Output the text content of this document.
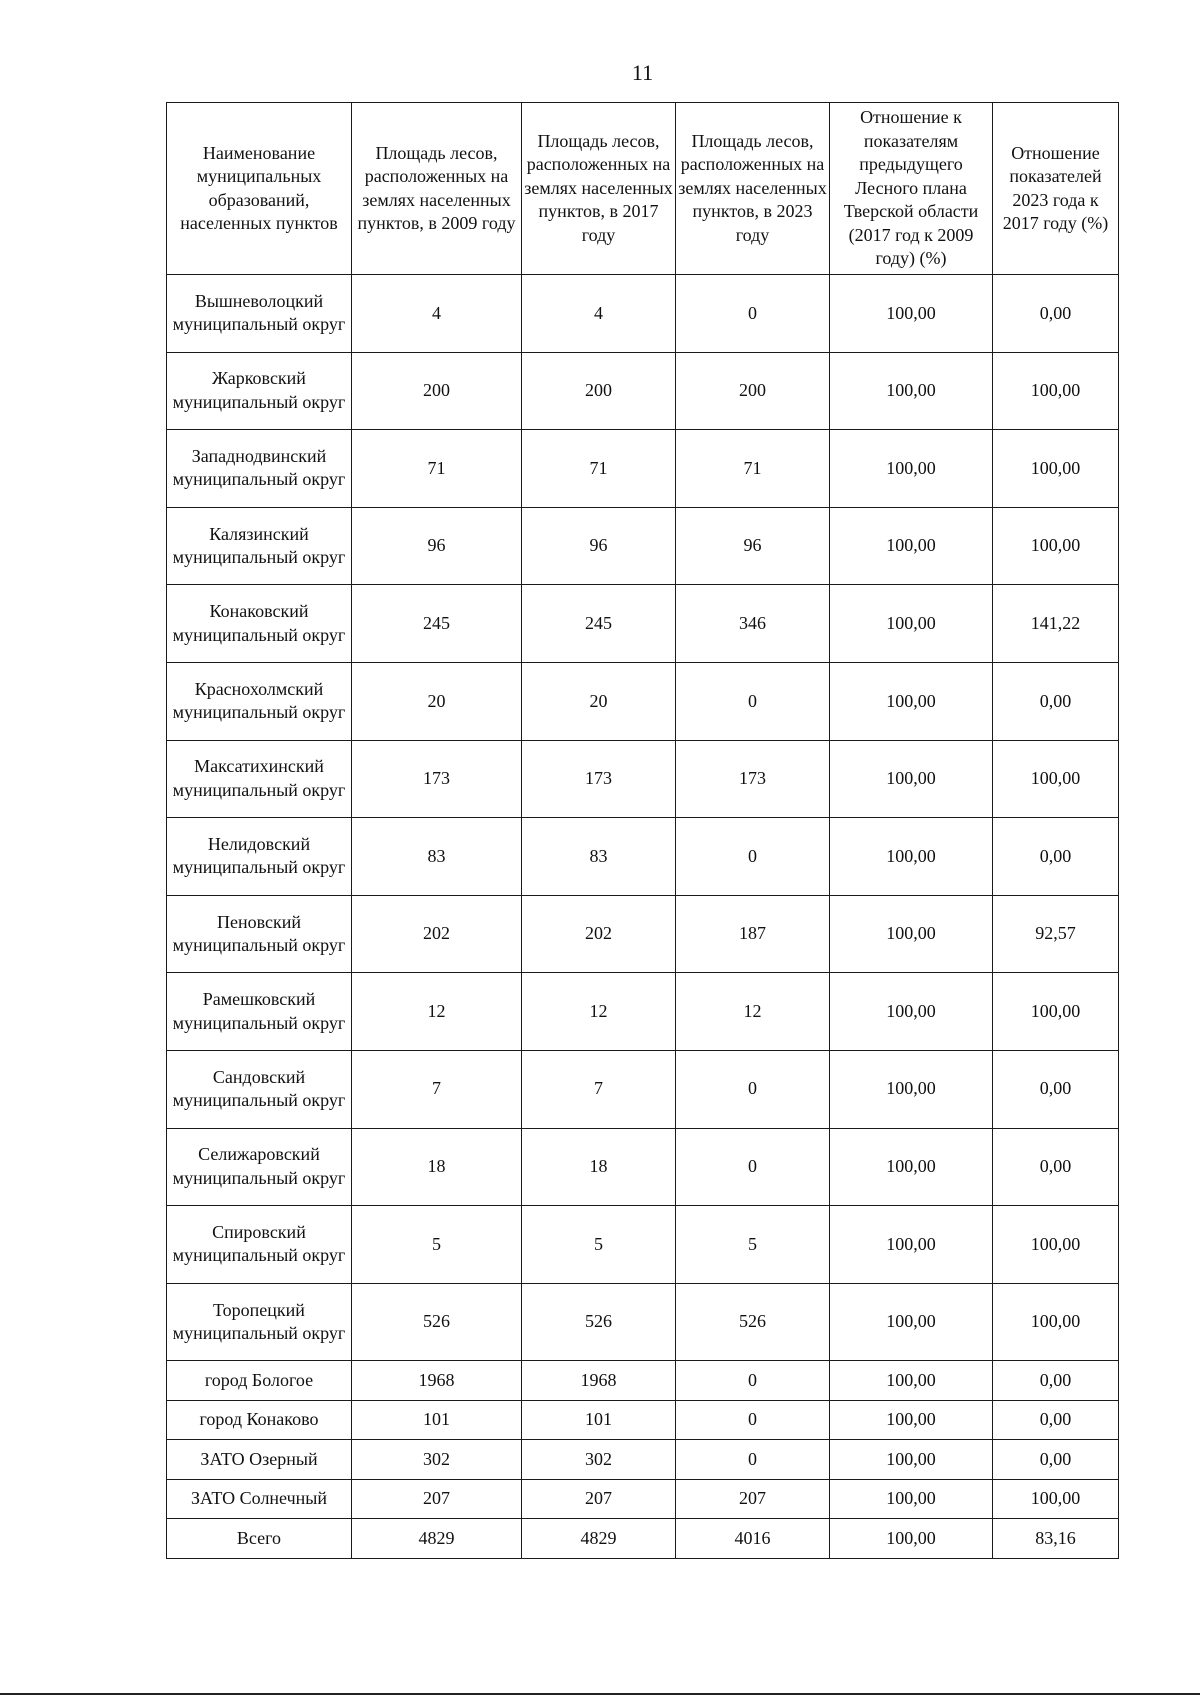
11
Наименование муниципальных образований, населенных пунктов	Площадь лесов, расположенных на землях населенных пунктов, в 2009 году	Площадь лесов, расположенных на землях населенных пунктов, в 2017 году	Площадь лесов, расположенных на землях населенных пунктов, в 2023 году	Отношение к показателям предыдущего Лесного плана Тверской области (2017 год к 2009 году) (%)	Отношение показателей 2023 года к 2017 году (%)
Вышневолоцкий муниципальный округ	4	4	0	100,00	0,00
Жарковский муниципальный округ	200	200	200	100,00	100,00
Западнодвинский муниципальный округ	71	71	71	100,00	100,00
Калязинский муниципальный округ	96	96	96	100,00	100,00
Конаковский муниципальный округ	245	245	346	100,00	141,22
Краснохолмский муниципальный округ	20	20	0	100,00	0,00
Максатихинский муниципальный округ	173	173	173	100,00	100,00
Нелидовский муниципальный округ	83	83	0	100,00	0,00
Пеновский муниципальный округ	202	202	187	100,00	92,57
Рамешковский муниципальный округ	12	12	12	100,00	100,00
Сандовский муниципальный округ	7	7	0	100,00	0,00
Селижаровский муниципальный округ	18	18	0	100,00	0,00
Спировский муниципальный округ	5	5	5	100,00	100,00
Торопецкий муниципальный округ	526	526	526	100,00	100,00
город Бологое	1968	1968	0	100,00	0,00
город Конаково	101	101	0	100,00	0,00
ЗАТО Озерный	302	302	0	100,00	0,00
ЗАТО Солнечный	207	207	207	100,00	100,00
Всего	4829	4829	4016	100,00	83,16
